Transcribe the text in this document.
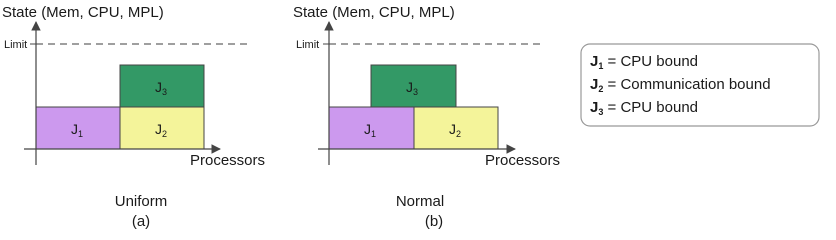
State (Mem, CPU, MPL)
Limit
$J_1$	$J_2$
$J_3$
Processors
Uniform
(a)
State (Mem, CPU, MPL)
Limit
$J_1$	$J_2$
$J_3$
Processors
Normal
(b)
$J_1$ = CPU bound
$J_2$ = Communication bound
$J_3$ = CPU bound
